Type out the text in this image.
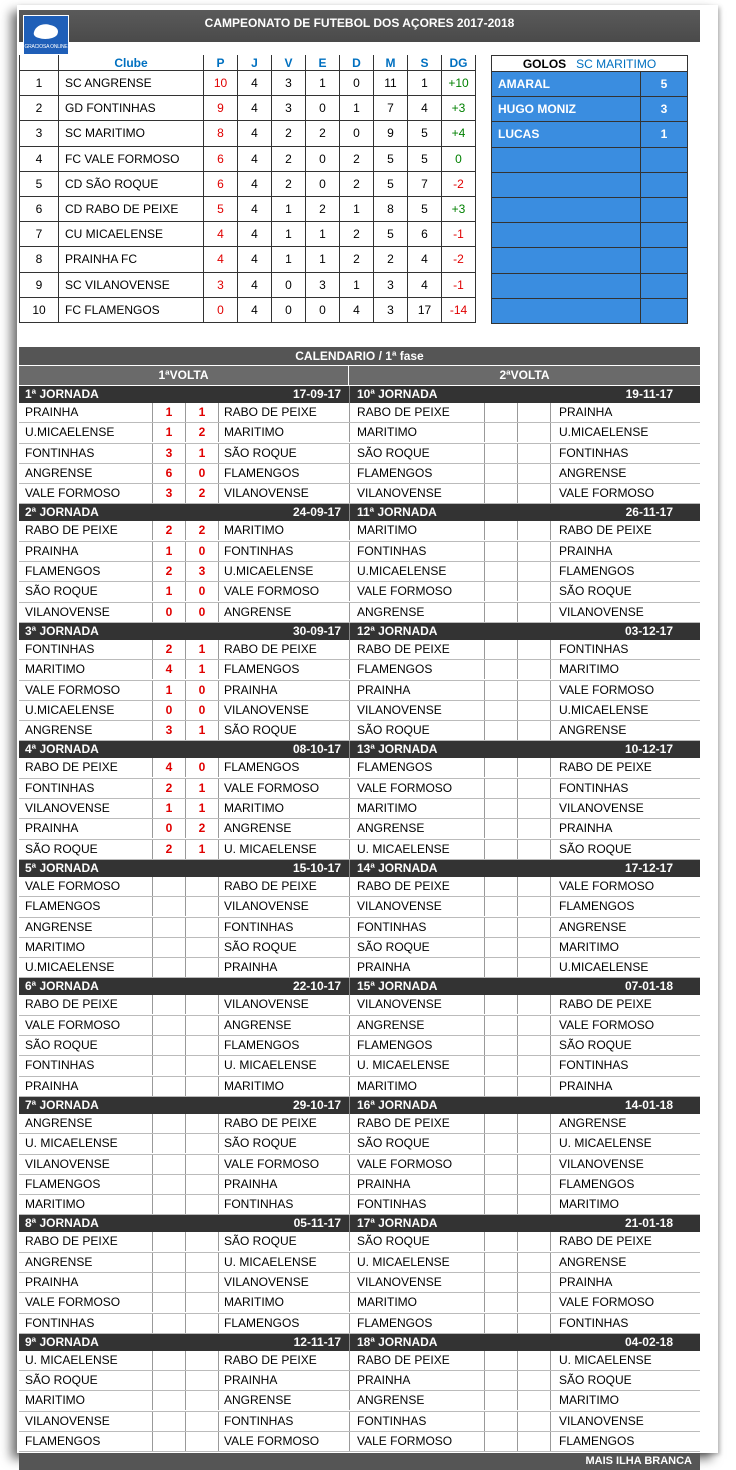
CAMPEONATO DE FUTEBOL DOS AÇORES 2017-2018
GRACIOSA ONLINE
	Clube	P	J	V	E	D	M	S	DG
1	SC ANGRENSE	10	4	3	1	0	11	1	+10
2	GD FONTINHAS	9	4	3	0	1	7	4	+3
3	SC MARITIMO	8	4	2	2	0	9	5	+4
4	FC VALE FORMOSO	6	4	2	0	2	5	5	0
5	CD SÃO ROQUE	6	4	2	0	2	5	7	-2
6	CD RABO DE PEIXE	5	4	1	2	1	8	5	+3
7	CU MICAELENSE	4	4	1	1	2	5	6	-1
8	PRAINHA FC	4	4	1	1	2	2	4	-2
9	SC VILANOVENSE	3	4	0	3	1	3	4	-1
10	FC FLAMENGOS	0	4	0	0	4	3	17	-14
GOLOS SC MARITIMO	
AMARAL	5
HUGO MONIZ	3
LUCAS	1

CALENDARIO / 1ª fase
1ªVOLTA	2ªVOLTA
1ª JORNADA	17-09-17 10ª JORNADA	19-11-17
PRAINHA	1	1	RABO DE PEIXE	RABO DE PEIXE	PRAINHA
U.MICAELENSE	1	2	MARITIMO	MARITIMO	U.MICAELENSE
FONTINHAS	3	1	SÃO ROQUE	SÃO ROQUE	FONTINHAS
ANGRENSE	6	0	FLAMENGOS	FLAMENGOS	ANGRENSE
VALE FORMOSO	3	2	VILANOVENSE	VILANOVENSE	VALE FORMOSO
2ª JORNADA	24-09-17 11ª JORNADA	26-11-17
RABO DE PEIXE	2	2	MARITIMO	MARITIMO	RABO DE PEIXE
PRAINHA	1	0	FONTINHAS	FONTINHAS	PRAINHA
FLAMENGOS	2	3	U.MICAELENSE	U.MICAELENSE	FLAMENGOS
SÃO ROQUE	1	0	VALE FORMOSO	VALE FORMOSO	SÃO ROQUE
VILANOVENSE	0	0	ANGRENSE	ANGRENSE	VILANOVENSE
3ª JORNADA	30-09-17 12ª JORNADA	03-12-17
FONTINHAS	2	1	RABO DE PEIXE	RABO DE PEIXE	FONTINHAS
MARITIMO	4	1	FLAMENGOS	FLAMENGOS	MARITIMO
VALE FORMOSO	1	0	PRAINHA	PRAINHA	VALE FORMOSO
U.MICAELENSE	0	0	VILANOVENSE	VILANOVENSE	U.MICAELENSE
ANGRENSE	3	1	SÃO ROQUE	SÃO ROQUE	ANGRENSE
4ª JORNADA	08-10-17 13ª JORNADA	10-12-17
RABO DE PEIXE	4	0	FLAMENGOS	FLAMENGOS	RABO DE PEIXE
FONTINHAS	2	1	VALE FORMOSO	VALE FORMOSO	FONTINHAS
VILANOVENSE	1	1	MARITIMO	MARITIMO	VILANOVENSE
PRAINHA	0	2	ANGRENSE	ANGRENSE	PRAINHA
SÃO ROQUE	2	1	U. MICAELENSE	U. MICAELENSE	SÃO ROQUE
5ª JORNADA	15-10-17 14ª JORNADA	17-12-17
VALE FORMOSO	RABO DE PEIXE	RABO DE PEIXE	VALE FORMOSO
FLAMENGOS	VILANOVENSE	VILANOVENSE	FLAMENGOS
ANGRENSE	FONTINHAS	FONTINHAS	ANGRENSE
MARITIMO	SÃO ROQUE	SÃO ROQUE	MARITIMO
U.MICAELENSE	PRAINHA	PRAINHA	U.MICAELENSE
6ª JORNADA	22-10-17 15ª JORNADA	07-01-18
RABO DE PEIXE	VILANOVENSE	VILANOVENSE	RABO DE PEIXE
VALE FORMOSO	ANGRENSE	ANGRENSE	VALE FORMOSO
SÃO ROQUE	FLAMENGOS	FLAMENGOS	SÃO ROQUE
FONTINHAS	U. MICAELENSE	U. MICAELENSE	FONTINHAS
PRAINHA	MARITIMO	MARITIMO	PRAINHA
7ª JORNADA	29-10-17 16ª JORNADA	14-01-18
ANGRENSE	RABO DE PEIXE	RABO DE PEIXE	ANGRENSE
U. MICAELENSE	SÃO ROQUE	SÃO ROQUE	U. MICAELENSE
VILANOVENSE	VALE FORMOSO	VALE FORMOSO	VILANOVENSE
FLAMENGOS	PRAINHA	PRAINHA	FLAMENGOS
MARITIMO	FONTINHAS	FONTINHAS	MARITIMO
8ª JORNADA	05-11-17 17ª JORNADA	21-01-18
RABO DE PEIXE	SÃO ROQUE	SÃO ROQUE	RABO DE PEIXE
ANGRENSE	U. MICAELENSE	U. MICAELENSE	ANGRENSE
PRAINHA	VILANOVENSE	VILANOVENSE	PRAINHA
VALE FORMOSO	MARITIMO	MARITIMO	VALE FORMOSO
FONTINHAS	FLAMENGOS	FLAMENGOS	FONTINHAS
9ª JORNADA	12-11-17 18ª JORNADA	04-02-18
U. MICAELENSE	RABO DE PEIXE	RABO DE PEIXE	U. MICAELENSE
SÃO ROQUE	PRAINHA	PRAINHA	SÃO ROQUE
MARITIMO	ANGRENSE	ANGRENSE	MARITIMO
VILANOVENSE	FONTINHAS	FONTINHAS	VILANOVENSE
FLAMENGOS	VALE FORMOSO	VALE FORMOSO	FLAMENGOS
MAIS ILHA BRANCA
